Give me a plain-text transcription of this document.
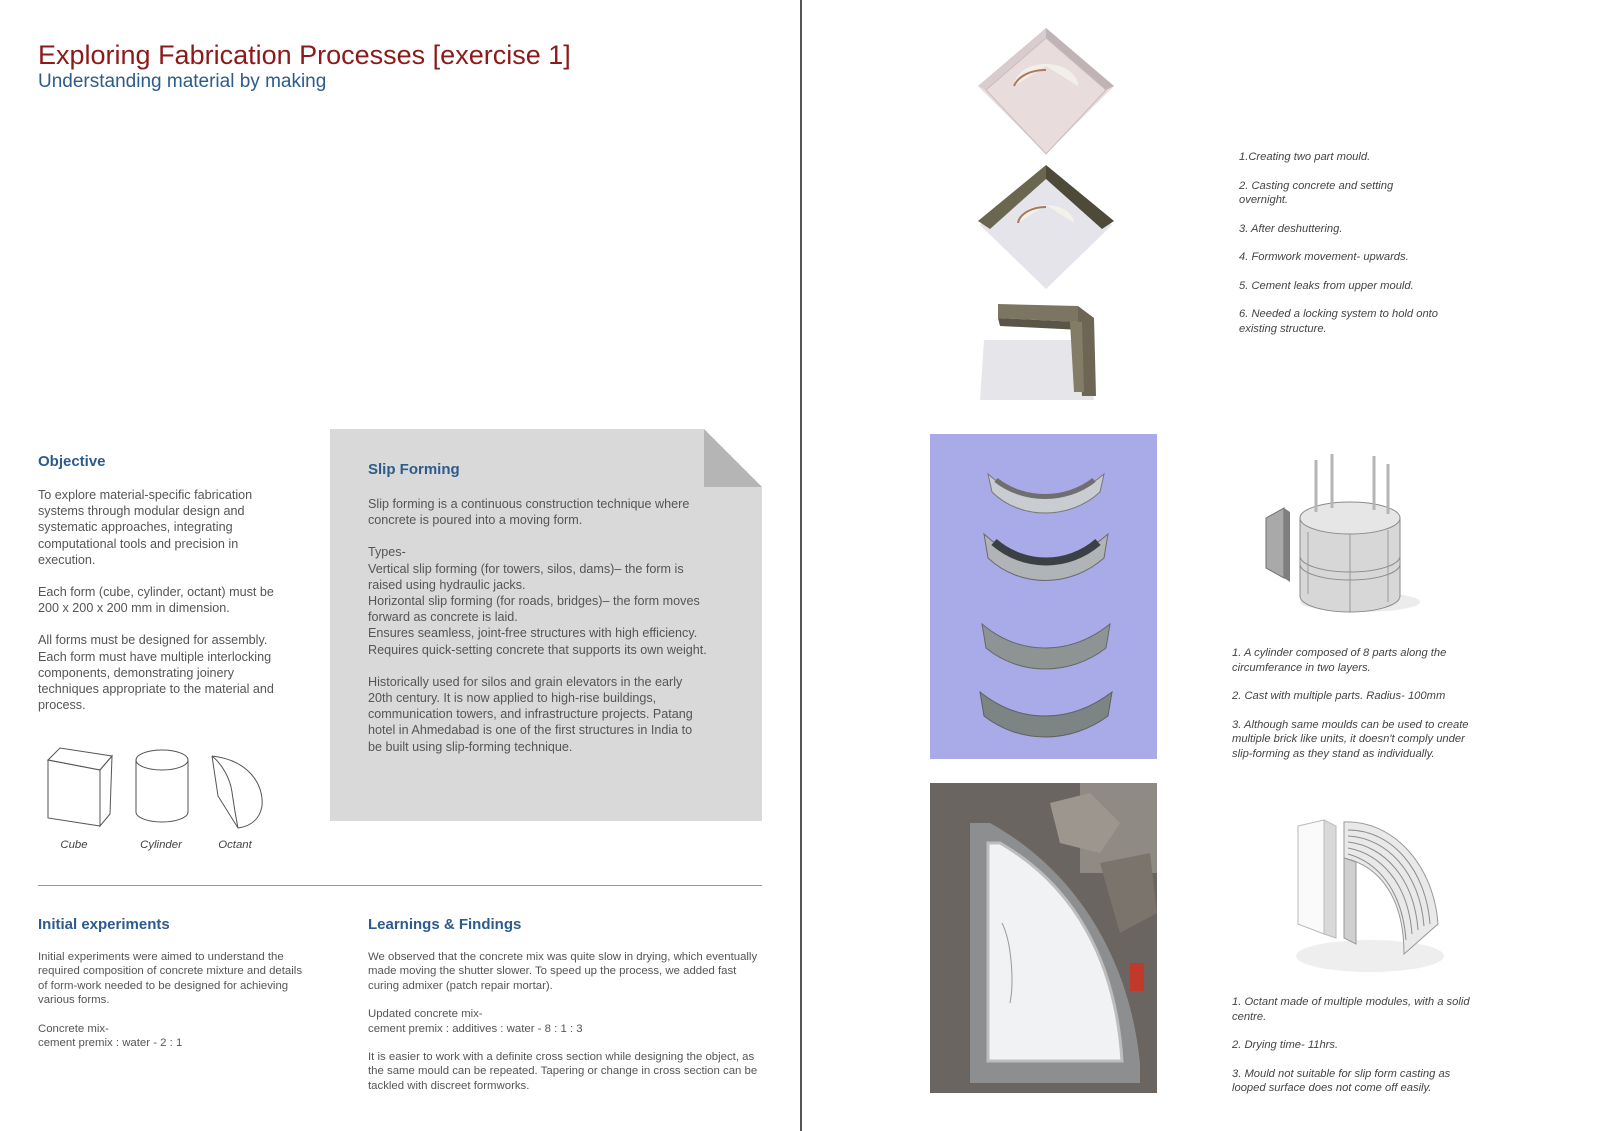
Exploring Fabrication Processes [exercise 1]
Understanding material by making
Objective

To explore material-specific fabrication systems through modular design and systematic approaches, integrating computational tools and precision in execution.

Each form (cube, cylinder, octant) must be 200 x 200 x 200 mm in dimension.

All forms must be designed for assembly. Each form must have multiple interlocking components, demonstrating joinery techniques appropriate to the material and process.

Cube	Cylinder	Octant
Slip Forming

Slip forming is a continuous construction technique where concrete is poured into a moving form.

Types-

Vertical slip forming (for towers, silos, dams)– the form is raised using hydraulic jacks.

Horizontal slip forming (for roads, bridges)– the form moves forward as concrete is laid.

Ensures seamless, joint-free structures with high efficiency.

Requires quick-setting concrete that supports its own weight.

Historically used for silos and grain elevators in the early 20th century. It is now applied to high-rise buildings, communication towers, and infrastructure projects. Patang hotel in Ahmedabad is one of the first structures in India to be built using slip-forming technique.

Initial experiments

Initial experiments were aimed to understand the required composition of concrete mixture and details of form-work needed to be designed for achieving various forms.

Concrete mix-

cement premix : water - 2 : 1

Learnings & Findings

We observed that the concrete mix was quite slow in drying, which eventually made moving the shutter slower. To speed up the process, we added fast curing admixer (patch repair mortar).

Updated concrete mix-

cement premix : additives : water - 8 : 1 : 3

It is easier to work with a definite cross section while designing the object, as the same mould can be repeated. Tapering or change in cross section can be tackled with discreet formworks.

1.Creating two part mould.

2. Casting concrete and setting overnight.

3. After deshuttering.

4. Formwork movement- upwards.

5. Cement leaks from upper mould.

6. Needed a locking system to hold onto existing structure.

1. A cylinder composed of 8 parts along the circumferance in two layers.

2. Cast with multiple parts. Radius- 100mm

3. Although same moulds can be used to create multiple brick like units, it doesn't comply under slip-forming as they stand as individually.

1. Octant made of multiple modules, with a solid centre.

2. Drying time- 11hrs.

3. Mould not suitable for slip form casting as looped surface does not come off easily.
